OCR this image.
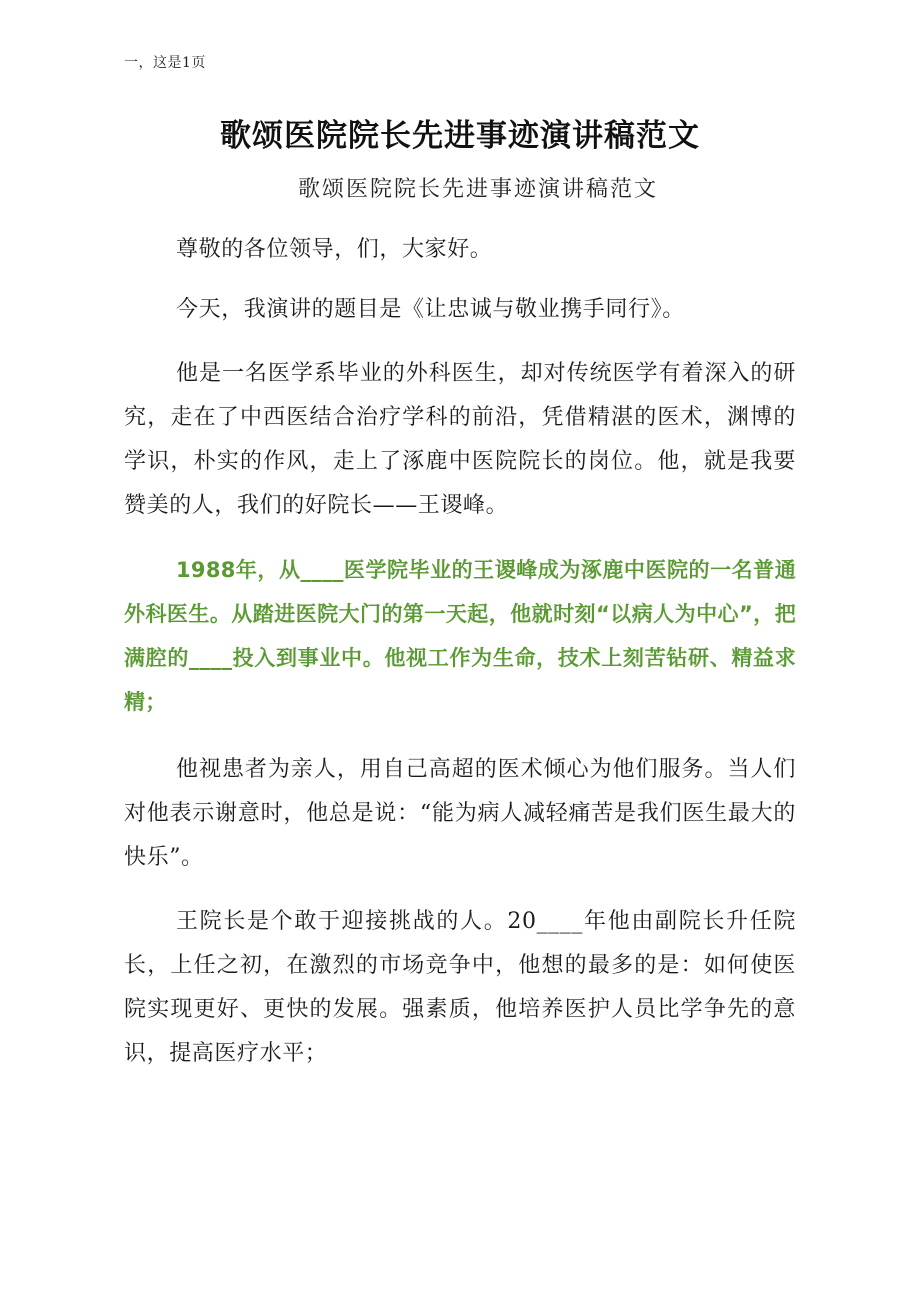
一，这是1页
歌颂医院院长先进事迹演讲稿范文
歌颂医院院长先进事迹演讲稿范文

尊敬的各位领导，们，大家好。

今天，我演讲的题目是《让忠诚与敬业携手同行》。

他是一名医学系毕业的外科医生，却对传统医学有着深入的研究，走在了中西医结合治疗学科的前沿，凭借精湛的医术，渊博的学识，朴实的作风，走上了涿鹿中医院院长的岗位。他，就是我要赞美的人，我们的好院长——王谡峰。

1988年，从____医学院毕业的王谡峰成为涿鹿中医院的一名普通外科医生。从踏进医院大门的第一天起，他就时刻“以病人为中心”，把满腔的____投入到事业中。他视工作为生命，技术上刻苦钻研、精益求精；

他视患者为亲人，用自己高超的医术倾心为他们服务。当人们对他表示谢意时，他总是说：“能为病人减轻痛苦是我们医生最大的快乐”。

王院长是个敢于迎接挑战的人。20____年他由副院长升任院长，上任之初，在激烈的市场竞争中，他想的最多的是：如何使医院实现更好、更快的发展。强素质，他培养医护人员比学争先的意识，提高医疗水平；
